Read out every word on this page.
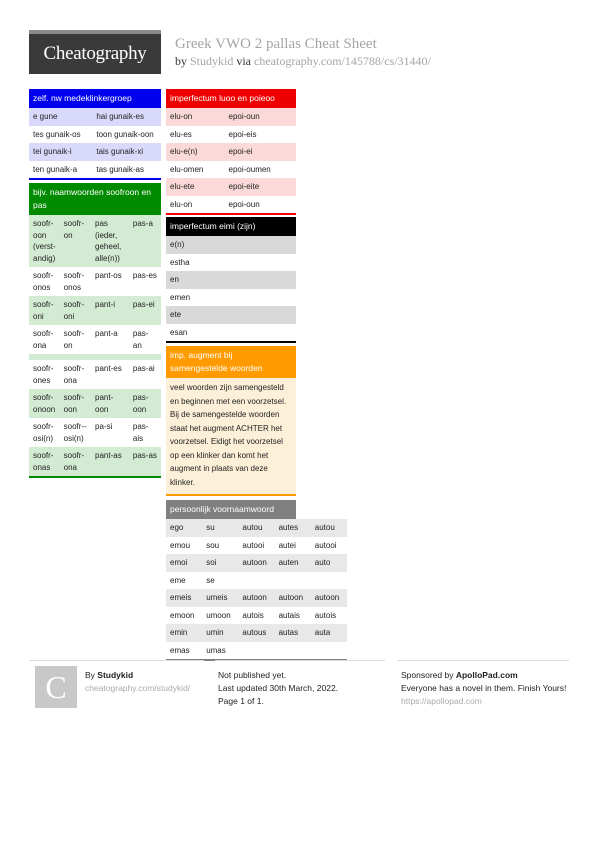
Cheatography	Greek VWO 2 pallas Cheat Sheet
by Studykid via cheatography.com/145788/cs/31440/
zelf. nw medeklinkergroep
e gune	hai gunaik-es
tes gunaik-os	toon gunaik-oon
tei gunaik-i	tais gunaik-xi
ten gunaik-a	tas gunaik-as
bijv. naamwoorden soofroon en pas
soofr-oon (verst-andig)	soofr-on	pas (ieder, geheel, alle(n))	pas-a
soofr-onos	soofr-onos	pant-os	pas-es
soofr-oni	soofr-oni	pant-i	pas-ei
soofr-ona	soofr-on	pant-a	pas-an

soofr-ones	soofr-ona	pant-es	pas-ai
soofr-onoon	soofr-oon	pant-oon	pas-oon
soofr-osi(n)	soofr-- osi(n)	pa-si	pas-ais
soofr-onas	soofr-ona	pant-as	pas-as
imperfectum luoo en poieoo
elu-on	epoi-oun
elu-es	epoi-eis
elu-e(n)	epoi-ei
elu-omen	epoi-oumen
elu-ete	epoi-eite
elu-on	epoi-oun
imperfectum eimi (zijn)
e(n)
estha
en
emen
ete
esan
imp. augment bij samengestelde woorden
veel woorden zijn samengesteld en beginnen met een voorzetsel. Bij de samengestelde woorden staat het augment ACHTER het voorzetsel. Eidigt het voorzetsel op een klinker dan komt het augment in plaats van deze klinker.
persoonlijk voornaamwoord
ego	su	autou	autes	autou
emou	sou	autooi	autei	autooi
emoi	soi	autoon	auten	auto
eme	se			
emeis	umeis	autoon	autoon	autoon
emoon	umoon	autois	autais	autois
emin	umin	autous	autas	auta
emas	umas			
C	By Studykid
cheatography.com/studykid/
Not published yet.
Last updated 30th March, 2022.
Page 1 of 1.
Sponsored by ApolloPad.com
Everyone has a novel in them. Finish Yours!
https://apollopad.com
